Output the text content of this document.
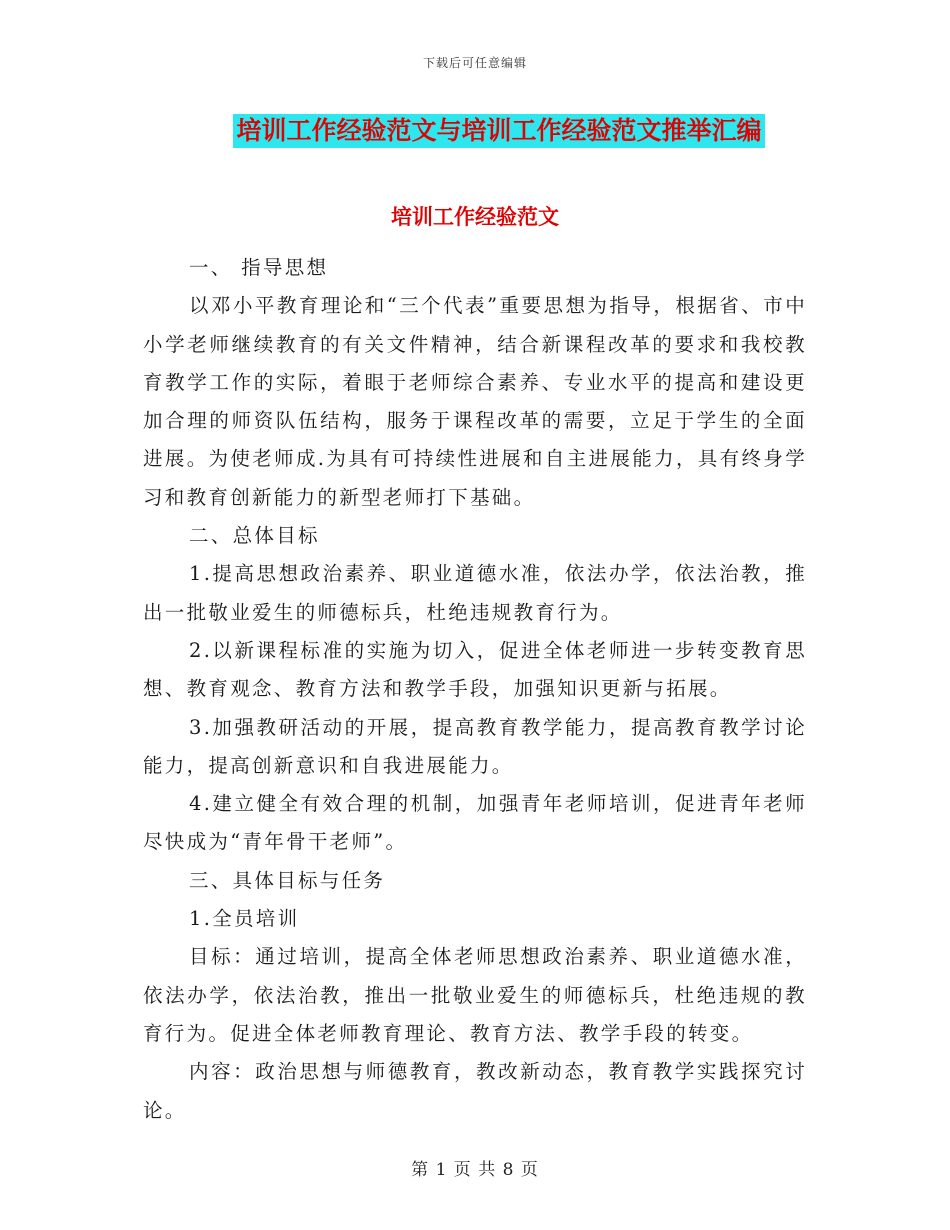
下载后可任意编辑
培训工作经验范文与培训工作经验范文推举汇编
培训工作经验范文

一、 指导思想

以邓小平教育理论和“三个代表”重要思想为指导，根据省、市中小学老师继续教育的有关文件精神，结合新课程改革的要求和我校教育教学工作的实际，着眼于老师综合素养、专业水平的提高和建设更加合理的师资队伍结构，服务于课程改革的需要，立足于学生的全面进展。为使老师成.为具有可持续性进展和自主进展能力，具有终身学习和教育创新能力的新型老师打下基础。

二、总体目标

1.提高思想政治素养、职业道德水准，依法办学，依法治教，推出一批敬业爱生的师德标兵，杜绝违规教育行为。

2.以新课程标准的实施为切入，促进全体老师进一步转变教育思想、教育观念、教育方法和教学手段，加强知识更新与拓展。

3.加强教研活动的开展，提高教育教学能力，提高教育教学讨论能力，提高创新意识和自我进展能力。

4.建立健全有效合理的机制，加强青年老师培训，促进青年老师尽快成为“青年骨干老师”。

三、具体目标与任务

1.全员培训

目标：通过培训，提高全体老师思想政治素养、职业道德水准，依法办学，依法治教，推出一批敬业爱生的师德标兵，杜绝违规的教育行为。促进全体老师教育理论、教育方法、教学手段的转变。

内容：政治思想与师德教育，教改新动态，教育教学实践探究讨论。

第 1 页 共 8 页
